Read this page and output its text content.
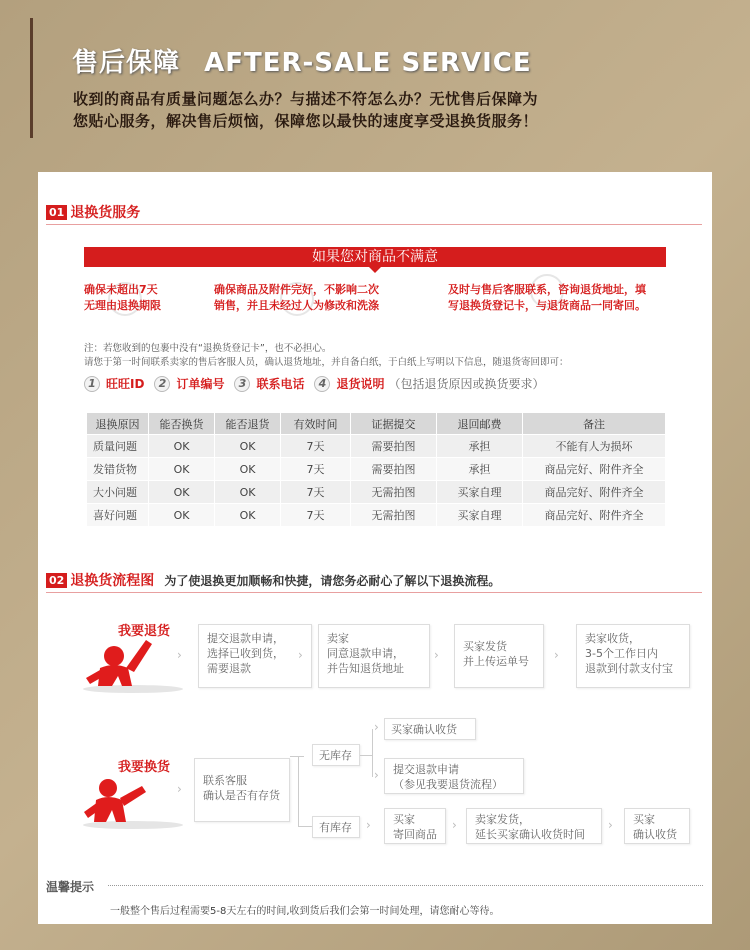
售后保障 AFTER-SALE SERVICE
收到的商品有质量问题怎么办？与描述不符怎么办？无忧售后保障为
您贴心服务，解决售后烦恼，保障您以最快的速度享受退换货服务！
01 退换货服务
如果您对商品不满意
确保未超出7天
无理由退换期限
确保商品及附件完好，不影响二次
销售，并且未经过人为修改和洗涤
及时与售后客服联系，咨询退货地址，填
写退换货登记卡，与退货商品一同寄回。
注：若您收到的包裹中没有“退换货登记卡”，也不必担心。
请您于第一时间联系卖家的售后客服人员，确认退货地址，并自备白纸，于白纸上写明以下信息，随退货寄回即可：
1 旺旺ID	2 订单编号	3 联系电话	4 退货说明 （包括退货原因或换货要求）
退换原因	能否换货	能否退货	有效时间	证据提交	退回邮费	备注
质量问题	OK	OK	7天	需要拍图	承担	不能有人为损坏
发错货物	OK	OK	7天	需要拍图	承担	商品完好、附件齐全
大小问题	OK	OK	7天	无需拍图	买家自理	商品完好、附件齐全
喜好问题	OK	OK	7天	无需拍图	买家自理	商品完好、附件齐全
02 退换货流程图 为了使退换更加顺畅和快捷，请您务必耐心了解以下退换流程。
我要退货	提交退款申请，
选择已收到货，
需要退款
›	›
卖家
同意退款申请，
并告知退货地址
›
买家发货
并上传运单号	›
卖家收货，
3-5个工作日内
退款到付款支付宝
我要换货
联系客服
确认是否有存货
›
无库存
有库存
›
›
买家确认收货
提交退款申请
（参见我要退货流程）
› 买家
寄回商品
› 卖家发货，
延长买家确认收货时间
› 买家
确认收货
温馨提示
一般整个售后过程需要5-8天左右的时间,收到货后我们会第一时间处理，请您耐心等待。
